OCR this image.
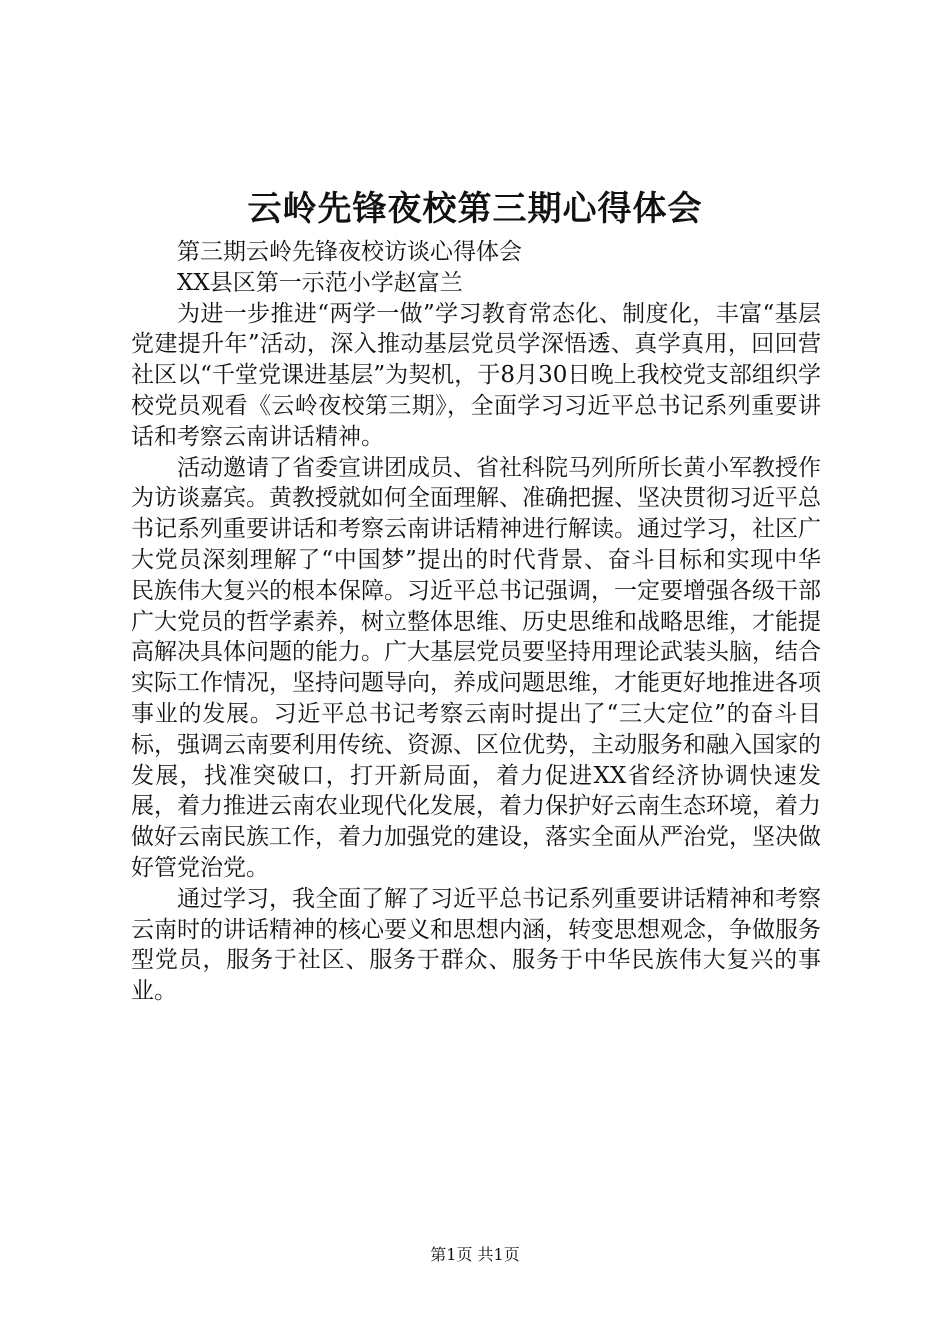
云岭先锋夜校第三期心得体会

第三期云岭先锋夜校访谈心得体会

XX县区第一示范小学赵富兰

为进一步推进“两学一做”学习教育常态化、制度化，丰富“基层党建提升年”活动，深入推动基层党员学深悟透、真学真用，回回营社区以“千堂党课进基层”为契机，于8月30日晚上我校党支部组织学校党员观看《云岭夜校第三期》，全面学习习近平总书记系列重要讲话和考察云南讲话精神。

活动邀请了省委宣讲团成员、省社科院马列所所长黄小军教授作为访谈嘉宾。黄教授就如何全面理解、准确把握、坚决贯彻习近平总书记系列重要讲话和考察云南讲话精神进行解读。通过学习，社区广大党员深刻理解了“中国梦”提出的时代背景、奋斗目标和实现中华民族伟大复兴的根本保障。习近平总书记强调，一定要增强各级干部广大党员的哲学素养，树立整体思维、历史思维和战略思维，才能提高解决具体问题的能力。广大基层党员要坚持用理论武装头脑，结合实际工作情况，坚持问题导向，养成问题思维，才能更好地推进各项事业的发展。习近平总书记考察云南时提出了“三大定位”的奋斗目标，强调云南要利用传统、资源、区位优势，主动服务和融入国家的发展，找准突破口，打开新局面，着力促进XX省经济协调快速发展，着力推进云南农业现代化发展，着力保护好云南生态环境，着力做好云南民族工作，着力加强党的建设，落实全面从严治党，坚决做好管党治党。

通过学习，我全面了解了习近平总书记系列重要讲话精神和考察云南时的讲话精神的核心要义和思想内涵，转变思想观念，争做服务型党员，服务于社区、服务于群众、服务于中华民族伟大复兴的事业。

第1页 共1页
